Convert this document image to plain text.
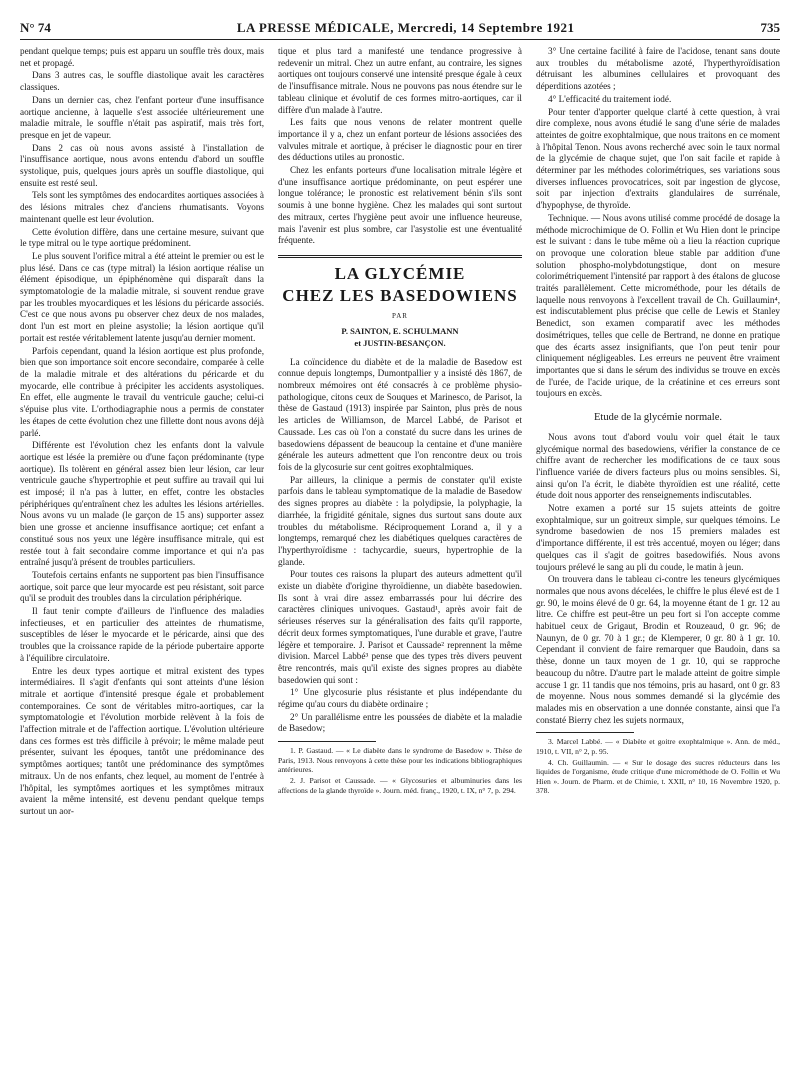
N° 74	LA PRESSE MÉDICALE, Mercredi, 14 Septembre 1921	735

pendant quelque temps; puis est apparu un souffle très doux, mais net et propagé.

Dans 3 autres cas, le souffle diastolique avait les caractères classiques.

Dans un dernier cas, chez l'enfant porteur d'une insuffisance aortique ancienne, à laquelle s'est associée ultérieurement une maladie mitrale, le souffle n'était pas aspiratif, mais très fort, presque en jet de vapeur.

Dans 2 cas où nous avons assisté à l'installation de l'insuffisance aortique, nous avons entendu d'abord un souffle systolique, puis, quelques jours après un souffle diastolique, qui ensuite est resté seul.

Tels sont les symptômes des endocardites aortiques associées à des lésions mitrales chez d'anciens rhumatisants. Voyons maintenant quelle est leur évolution.

Cette évolution diffère, dans une certaine mesure, suivant que le type mitral ou le type aortique prédominent.

Le plus souvent l'orifice mitral a été atteint le premier ou est le plus lésé. Dans ce cas (type mitral) la lésion aortique réalise un élément épisodique, un épiphénomène qui disparaît dans la symptomatologie de la maladie mitrale, si souvent rendue grave par les troubles myocardiques et les lésions du péricarde associés. C'est ce que nous avons pu observer chez deux de nos malades, dont l'un est mort en pleine asystolie; la lésion aortique qu'il portait est restée véritablement latente jusqu'au dernier moment.

Parfois cependant, quand la lésion aortique est plus profonde, bien que son importance soit encore secondaire, comparée à celle de la maladie mitrale et des altérations du péricarde et du myocarde, elle contribue à précipiter les accidents asystoliques. En effet, elle augmente le travail du ventricule gauche; celui-ci s'épuise plus vite. L'orthodiagraphie nous a permis de constater les étapes de cette évolution chez une fillette dont nous avons déjà parlé.

Différente est l'évolution chez les enfants dont la valvule aortique est lésée la première ou d'une façon prédominante (type aortique). Ils tolèrent en général assez bien leur lésion, car leur ventricule gauche s'hypertrophie et peut suffire au travail qui lui est imposé; il n'a pas à lutter, en effet, contre les obstacles périphériques qu'entraînent chez les adultes les lésions artérielles. Nous avons vu un malade (le garçon de 15 ans) supporter assez bien une grosse et ancienne insuffisance aortique; cet enfant a constitué sous nos yeux une légère insuffisance mitrale, qui est restée tout à fait secondaire comme importance et qui n'a pas entraîné jusqu'à présent de troubles particuliers.

Toutefois certains enfants ne supportent pas bien l'insuffisance aortique, soit parce que leur myocarde est peu résistant, soit parce qu'il se produit des troubles dans la circulation périphérique.

Il faut tenir compte d'ailleurs de l'influence des maladies infectieuses, et en particulier des atteintes de rhumatisme, susceptibles de léser le myocarde et le péricarde, ainsi que des troubles que la croissance rapide de la période pubertaire apporte à l'équilibre circulatoire.

Entre les deux types aortique et mitral existent des types intermédiaires. Il s'agit d'enfants qui sont atteints d'une lésion mitrale et aortique d'intensité presque égale et probablement contemporaines. Ce sont de véritables mitro-aortiques, car la symptomatologie et l'évolution morbide relèvent à la fois de l'affection mitrale et de l'affection aortique. L'évolution ultérieure dans ces formes est très difficile à prévoir; le même malade peut présenter, suivant les époques, tantôt une prédominance des symptômes aortiques; tantôt une prédominance des symptômes mitraux. Un de nos enfants, chez lequel, au moment de l'entrée à l'hôpital, les symptômes aortiques et les symptômes mitraux avaient la même intensité, est devenu pendant quelque temps surtout un aor-

tique et plus tard a manifesté une tendance progressive à redevenir un mitral. Chez un autre enfant, au contraire, les signes aortiques ont toujours conservé une intensité presque égale à ceux de l'insuffisance mitrale. Nous ne pouvons pas nous étendre sur le tableau clinique et évolutif de ces formes mitro-aortiques, car il diffère d'un malade à l'autre.

Les faits que nous venons de relater montrent quelle importance il y a, chez un enfant porteur de lésions associées des valvules mitrale et aortique, à préciser le diagnostic pour en tirer des déductions utiles au pronostic.

Chez les enfants porteurs d'une localisation mitrale légère et d'une insuffisance aortique prédominante, on peut espérer une longue tolérance; le pronostic est relativement bénin s'ils sont soumis à une bonne hygiène. Chez les malades qui sont surtout des mitraux, certes l'hygiène peut avoir une influence heureuse, mais l'avenir est plus sombre, car l'asystolie est une éventualité fréquente.

LA GLYCÉMIE
CHEZ LES BASEDOWIENS
PAR
P. SAINTON, E. SCHULMANN
et JUSTIN-BESANÇON.

La coïncidence du diabète et de la maladie de Basedow est connue depuis longtemps, Dumontpallier y a insisté dès 1867, de nombreux mémoires ont été consacrés à ce problème physio-pathologique, citons ceux de Souques et Marinesco, de Parisot, la thèse de Gastaud (1913) inspirée par Sainton, plus près de nous les articles de Williamson, de Marcel Labbé, de Parisot et Caussade. Les cas où l'on a constaté du sucre dans les urines de basedowiens dépassent de beaucoup la centaine et d'une manière générale les auteurs admettent que l'on rencontre deux ou trois fois de la glycosurie sur cent goitres exophtalmiques.

Par ailleurs, la clinique a permis de constater qu'il existe parfois dans le tableau symptomatique de la maladie de Basedow des signes propres au diabète : la polydipsie, la polyphagie, la diarrhée, la frigidité génitale, signes dus surtout sans doute aux troubles du métabolisme. Réciproquement Lorand a, il y a longtemps, remarqué chez les diabétiques quelques caractères de l'hyperthyroïdisme : tachycardie, sueurs, hypertrophie de la glande.

Pour toutes ces raisons la plupart des auteurs admettent qu'il existe un diabète d'origine thyroïdienne, un diabète basedowien. Ils sont à vrai dire assez embarrassés pour lui décrire des caractères cliniques univoques. Gastaud¹, après avoir fait de sérieuses réserves sur la généralisation des faits qu'il rapporte, décrit deux formes symptomatiques, l'une durable et grave, l'autre légère et temporaire. J. Parisot et Caussade² reprennent la même division. Marcel Labbé³ pense que des types très divers peuvent être rencontrés, mais qu'il existe des signes propres au diabète basedowien qui sont :

1° Une glycosurie plus résistante et plus indépendante du régime qu'au cours du diabète ordinaire ;

2° Un parallélisme entre les poussées de diabète et la maladie de Basedow;

1. P. Gastaud. — « Le diabète dans le syndrome de Basedow ». Thèse de Paris, 1913. Nous renvoyons à cette thèse pour les indications bibliographiques antérieures.

2. J. Parisot et Caussade. — « Glycosuries et albuminuries dans les affections de la glande thyroïde ». Journ. méd. franç., 1920, t. IX, n° 7, p. 294.

3° Une certaine facilité à faire de l'acidose, tenant sans doute aux troubles du métabolisme azoté, l'hyperthyroïdisation détruisant les albumines cellulaires et provoquant des déperditions azotées ;

4° L'efficacité du traitement iodé.

Pour tenter d'apporter quelque clarté à cette question, à vrai dire complexe, nous avons étudié le sang d'une série de malades atteintes de goitre exophtalmique, que nous traitons en ce moment à l'hôpital Tenon. Nous avons recherché avec soin le taux normal de la glycémie de chaque sujet, que l'on sait facile et rapide à déterminer par les méthodes colorimétriques, ses variations sous diverses influences provocatrices, soit par ingestion de glycose, soit par injection d'extraits glandulaires de surrénale, d'hypophyse, de thyroïde.

Technique. — Nous avons utilisé comme procédé de dosage la méthode microchimique de O. Follin et Wu Hien dont le principe est le suivant : dans le tube même où a lieu la réaction cuprique on provoque une coloration bleue stable par addition d'une solution phospho-molybdotungstique, dont on mesure colorimétriquement l'intensité par rapport à des étalons de glucose traités parallèlement. Cette microméthode, pour les détails de laquelle nous renvoyons à l'excellent travail de Ch. Guillaumin⁴, est indiscutablement plus précise que celle de Lewis et Stanley Benedict, son examen comparatif avec les méthodes dosimétriques, telles que celle de Bertrand, ne donne en pratique que des écarts assez insignifiants, que l'on peut tenir pour cliniquement négligeables. Les erreurs ne peuvent être vraiment importantes que si dans le sérum des individus se trouve en excès de l'urée, de l'acide urique, de la créatinine et ces erreurs sont toujours en excès.

Etude de la glycémie normale.

Nous avons tout d'abord voulu voir quel était le taux glycémique normal des basedowiens, vérifier la constance de ce chiffre avant de rechercher les modifications de ce taux sous l'influence variée de divers facteurs plus ou moins sensibles. Si, ainsi qu'on l'a écrit, le diabète thyroïdien est une réalité, cette étude doit nous apporter des renseignements indiscutables.

Notre examen a porté sur 15 sujets atteints de goitre exophtalmique, sur un goitreux simple, sur quelques témoins. Le syndrome basedowien de nos 15 premiers malades est d'importance différente, il est très accentué, moyen ou léger; dans quelques cas il s'agit de goitres basedowifiés. Nous avons toujours prélevé le sang au pli du coude, le matin à jeun.

On trouvera dans le tableau ci-contre les teneurs glycémiques normales que nous avons décelées, le chiffre le plus élevé est de 1 gr. 90, le moins élevé de 0 gr. 64, la moyenne étant de 1 gr. 12 au litre. Ce chiffre est peut-être un peu fort si l'on accepte comme habituel ceux de Grigaut, Brodin et Rouzeaud, 0 gr. 96; de Naunyn, de 0 gr. 70 à 1 gr.; de Klemperer, 0 gr. 80 à 1 gr. 10. Cependant il convient de faire remarquer que Baudoin, dans sa thèse, donne un taux moyen de 1 gr. 10, qui se rapproche beaucoup du nôtre. D'autre part le malade atteint de goitre simple accuse 1 gr. 11 tandis que nos témoins, pris au hasard, ont 0 gr. 83 de moyenne. Nous nous sommes demandé si la glycémie des malades mis en observation a une donnée constante, ainsi que l'a constaté Bierry chez les sujets normaux,

3. Marcel Labbé. — « Diabète et goitre exophtalmique ». Ann. de méd., 1910, t. VII, n° 2, p. 95.

4. Ch. Guillaumin. — « Sur le dosage des sucres réducteurs dans les liquides de l'organisme, étude critique d'une microméthode de O. Follin et Wu Hien ». Journ. de Pharm. et de Chimie, t. XXII, n° 10, 16 Novembre 1920, p. 378.
